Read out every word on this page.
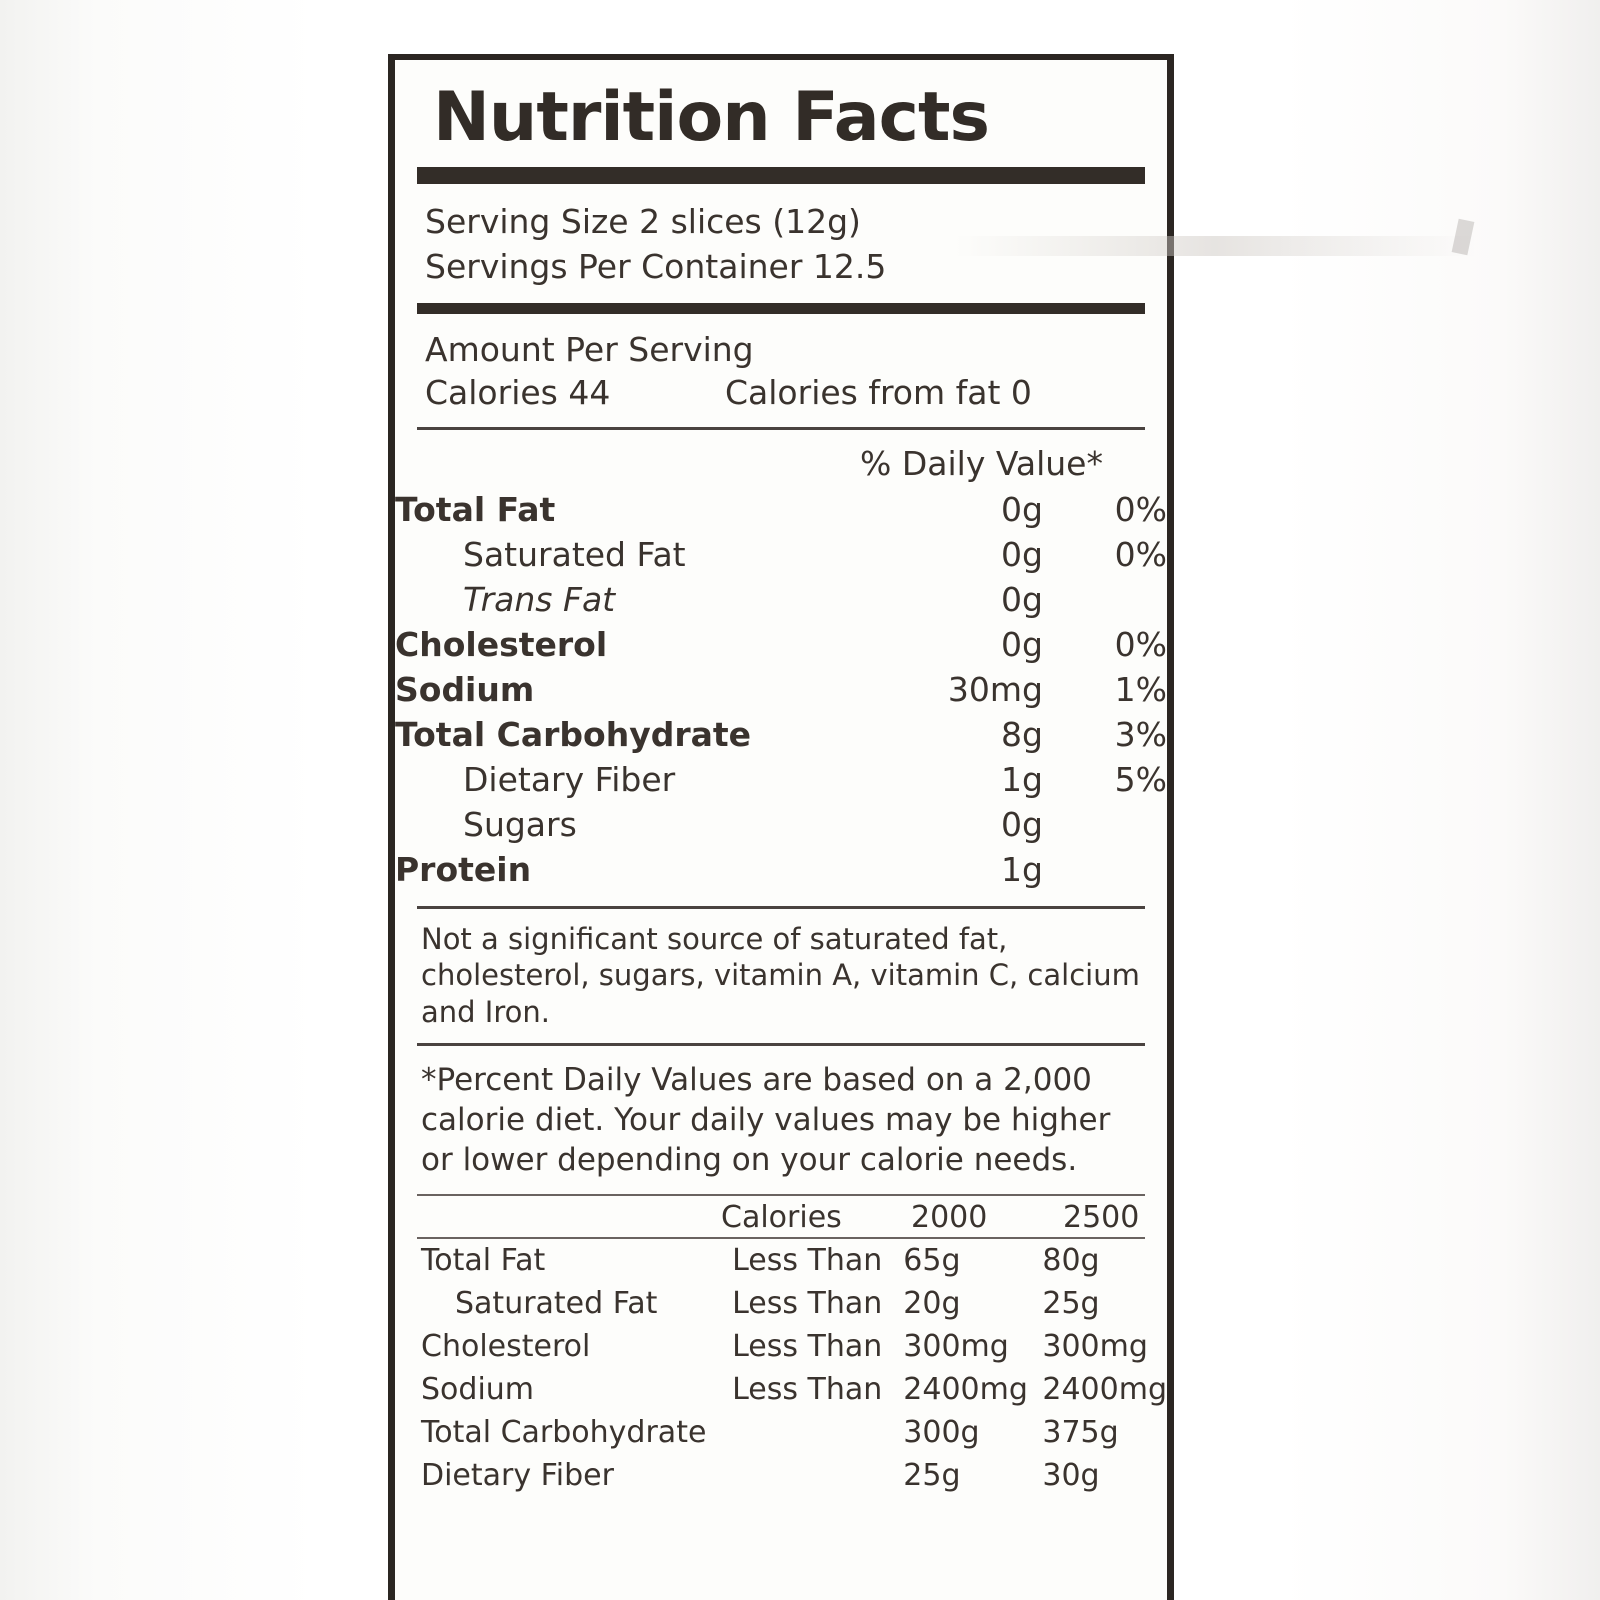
Nutrition Facts
Serving Size 2 slices (12g)
Servings Per Container 12.5
Amount Per Serving
Calories 44	Calories from fat 0
% Daily Value*
Total Fat	0g	0%
Saturated Fat	0g	0%
Trans Fat	0g	
Cholesterol	0g	0%
Sodium	30mg	1%
Total Carbohydrate	8g	3%
Dietary Fiber	1g	5%
Sugars	0g	
Protein	1g	
Not a significant source of saturated fat, cholesterol, sugars, vitamin A, vitamin C, calcium and Iron.
*Percent Daily Values are based on a 2,000 calorie diet. Your daily values may be higher or lower depending on your calorie needs.
	Calories	2000	2500
Total Fat	Less Than	65g	80g
Saturated Fat	Less Than	20g	25g
Cholesterol	Less Than	300mg	300mg
Sodium	Less Than	2400mg	2400mg
Total Carbohydrate		300g	375g
Dietary Fiber		25g	30g
